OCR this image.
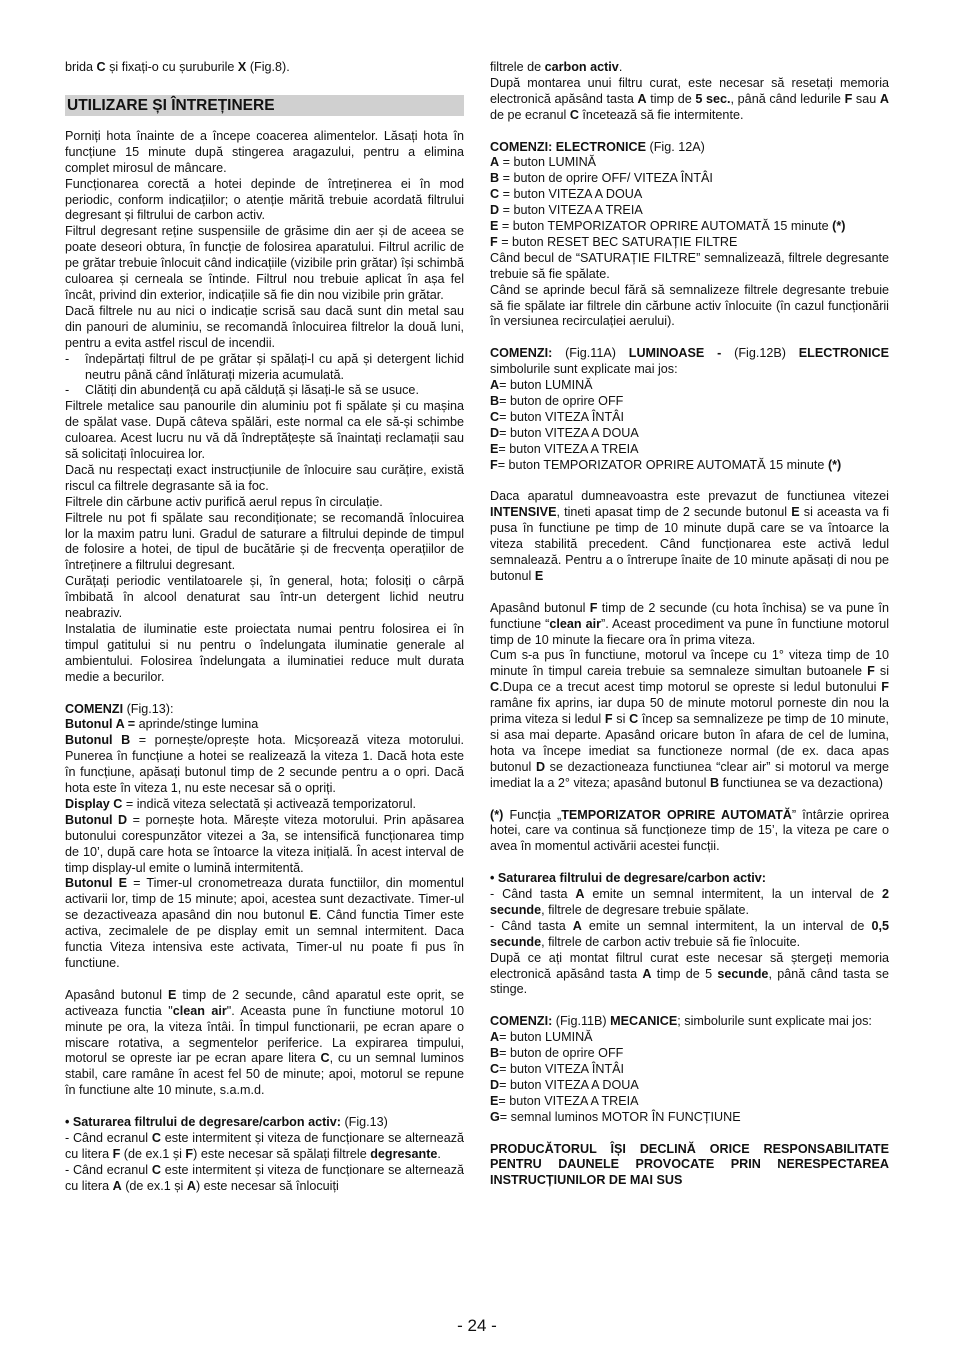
brida C și fixați-o cu șuruburile X (Fig.8).

UTILIZARE ȘI ÎNTREȚINERE

Porniți hota înainte de a începe coacerea alimentelor. Lăsați hota în funcțiune 15 minute după stingerea aragazului, pentru a elimina complet mirosul de mâncare.

Funcționarea corectă a hotei depinde de întreținerea ei în mod periodic, conform indicațiilor; o atenție mărită trebuie acordată filtrului degresant și filtrului de carbon activ.

Filtrul degresant reține suspensiile de grăsime din aer și de aceea se poate deseori obtura, în funcție de folosirea aparatului. Filtrul acrilic de pe grătar trebuie înlocuit când indicațiile (vizibile prin grătar) își schimbă culoarea și cerneala se întinde. Filtrul nou trebuie aplicat în așa fel încât, privind din exterior, indicațiile să fie din nou vizibile prin grătar.

Dacă filtrele nu au nici o indicație scrisă sau dacă sunt din metal sau din panouri de aluminiu, se recomandă înlocuirea filtrelor la două luni, pentru a evita astfel riscul de incendii.

-	îndepărtați filtrul de pe grătar și spălați-l cu apă și detergent lichid neutru până când înlăturați mizeria acumulată.
-	Clătiți din abundență cu apă călduță și lăsați-le să se usuce.

Filtrele metalice sau panourile din aluminiu pot fi spălate și cu mașina de spălat vase. După câteva spălări, este normal ca ele să-și schimbe culoarea. Acest lucru nu vă dă îndreptățește să înaintați reclamații sau să solicitați înlocuirea lor.

Dacă nu respectați exact instrucțiunile de înlocuire sau curățire, există riscul ca filtrele degrasante să ia foc.

Filtrele din cărbune activ purifică aerul repus în circulație.

Filtrele nu pot fi spălate sau recondiționate; se recomandă înlocuirea lor la maxim patru luni. Gradul de saturare a filtrului depinde de timpul de folosire a hotei, de tipul de bucătărie și de frecvența operațiilor de întreținere a filtrului degresant.

Curățați periodic ventilatoarele și, în general, hota; folosiți o cârpă îmbibată în alcool denaturat sau într-un detergent lichid neutru neabraziv.

Instalatia de iluminatie este proiectata numai pentru folosirea ei în timpul gatitului si nu pentru o îndelungata iluminatie generale al ambientului. Folosirea îndelungata a iluminatiei reduce mult durata medie a becurilor.

COMENZI (Fig.13):

Butonul A = aprinde/stinge lumina

Butonul B = pornește/oprește hota. Micșorează viteza motorului. Punerea în funcțiune a hotei se realizează la viteza 1. Dacă hota este în funcțiune, apăsați butonul timp de 2 secunde pentru a o opri. Dacă hota este în viteza 1, nu este necesar să o opriți.

Display C = indică viteza selectată și activează temporizatorul.

Butonul D = pornește hota. Mărește viteza motorului. Prin apăsarea butonului corespunzător vitezei a 3a, se intensifică funcționarea timp de 10’, după care hota se întoarce la viteza inițială. În acest interval de timp display-ul emite o lumină intermitentă.

Butonul E = Timer-ul cronometreaza durata functiilor, din momentul activarii lor, timp de 15 minute; apoi, acestea sunt dezactivate. Timer-ul se dezactiveaza apasând din nou butonul E. Când functia Timer este activa, zecimalele de pe display emit un semnal intermitent. Daca functia Viteza intensiva este activata, Timer-ul nu poate fi pus în functiune.

Apasând butonul E timp de 2 secunde, când aparatul este oprit, se activeaza functia "clean air". Aceasta pune în functiune motorul 10 minute pe ora, la viteza întâi. În timpul functionarii, pe ecran apare o miscare rotativa, a segmentelor periferice. La expirarea timpului, motorul se opreste iar pe ecran apare litera C, cu un semnal luminos stabil, care ramâne în acest fel 50 de minute; apoi, motorul se repune în functiune alte 10 minute, s.a.m.d.

• Saturarea filtrului de degresare/carbon activ: (Fig.13)

- Când ecranul C este intermitent și viteza de funcționare se alternează cu litera F (de ex.1 și F) este necesar să spălați filtrele degresante.

- Când ecranul C este intermitent și viteza de funcționare se alternează cu litera A (de ex.1 și A) este necesar să înlocuiți

filtrele de carbon activ.

După montarea unui filtru curat, este necesar să resetați memoria electronică apăsând tasta A timp de 5 sec., până când ledurile F sau A de pe ecranul C încetează să fie intermitente.

COMENZI: ELECTRONICE (Fig. 12A)

A = buton LUMINĂ

B = buton de oprire OFF/ VITEZA ÎNTÂI

C = buton VITEZA A DOUA

D = buton VITEZA A TREIA

E = buton TEMPORIZATOR OPRIRE AUTOMATĂ 15 minute (*)

F = buton RESET BEC SATURAȚIE FILTRE

Când becul de “SATURAȚIE FILTRE” semnalizează, filtrele degresante trebuie să fie spălate.

Când se aprinde becul fără să semnalizeze filtrele degresante trebuie să fie spălate iar filtrele din cărbune activ înlocuite (în cazul funcționării în versiunea recirculației aerului).

COMENZI: (Fig.11A) LUMINOASE - (Fig.12B) ELECTRONICE simbolurile sunt explicate mai jos:

A= buton LUMINĂ

B= buton de oprire OFF

C= buton VITEZA ÎNTÂI

D= buton VITEZA A DOUA

E= buton VITEZA A TREIA

F= buton TEMPORIZATOR OPRIRE AUTOMATĂ 15 minute (*)

Daca aparatul dumneavoastra este prevazut de functiunea vitezei INTENSIVE, tineti apasat timp de 2 secunde butonul E si aceasta va fi pusa în functiune pe timp de 10 minute după care se va întoarce la viteza stabilită precedent. Când funcționarea este activă ledul semnalează. Pentru a o întrerupe înaite de 10 minute apăsați di nou pe butonul E

Apasând butonul F timp de 2 secunde (cu hota închisa) se va pune în functiune “clean air”. Aceast procediment va pune în functiune motorul timp de 10 minute la fiecare ora în prima viteza.

Cum s-a pus în functiune, motorul va începe cu 1° viteza timp de 10 minute în timpul careia trebuie sa semnaleze simultan butoanele F si C.Dupa ce a trecut acest timp motorul se opreste si ledul butonului F ramâne fix aprins, iar dupa 50 de minute motorul porneste din nou la prima viteza si ledul F si C încep sa semnalizeze pe timp de 10 minute, si asa mai departe. Apasând oricare buton în afara de cel de lumina, hota va începe imediat sa functioneze normal (de ex. daca apas butonul D se dezactioneaza functiunea “clear air” si motorul va merge imediat la a 2° viteza; apasând butonul B functiunea se va dezactiona)

(*) Funcția „TEMPORIZATOR OPRIRE AUTOMATĂ” întârzie oprirea hotei, care va continua să funcționeze timp de 15’, la viteza pe care o avea în momentul activării acestei funcții.

• Saturarea filtrului de degresare/carbon activ:

- Când tasta A emite un semnal intermitent, la un interval de 2 secunde, filtrele de degresare trebuie spălate.

- Când tasta A emite un semnal intermitent, la un interval de 0,5 secunde, filtrele de carbon activ trebuie să fie înlocuite.

După ce ați montat filtrul curat este necesar să ștergeți memoria electronică apăsând tasta A timp de 5 secunde, până când tasta se stinge.

COMENZI: (Fig.11B) MECANICE; simbolurile sunt explicate mai jos:

A= buton LUMINĂ

B= buton de oprire OFF

C= buton VITEZA ÎNTÂI

D= buton VITEZA A DOUA

E= buton VITEZA A TREIA

G= semnal luminos MOTOR ÎN FUNCȚIUNE

PRODUCĂTORUL ÎȘI DECLINĂ ORICE RESPONSABILITATE PENTRU DAUNELE PROVOCATE PRIN NERESPECTAREA INSTRUCȚIUNILOR DE MAI SUS

- 24 -
